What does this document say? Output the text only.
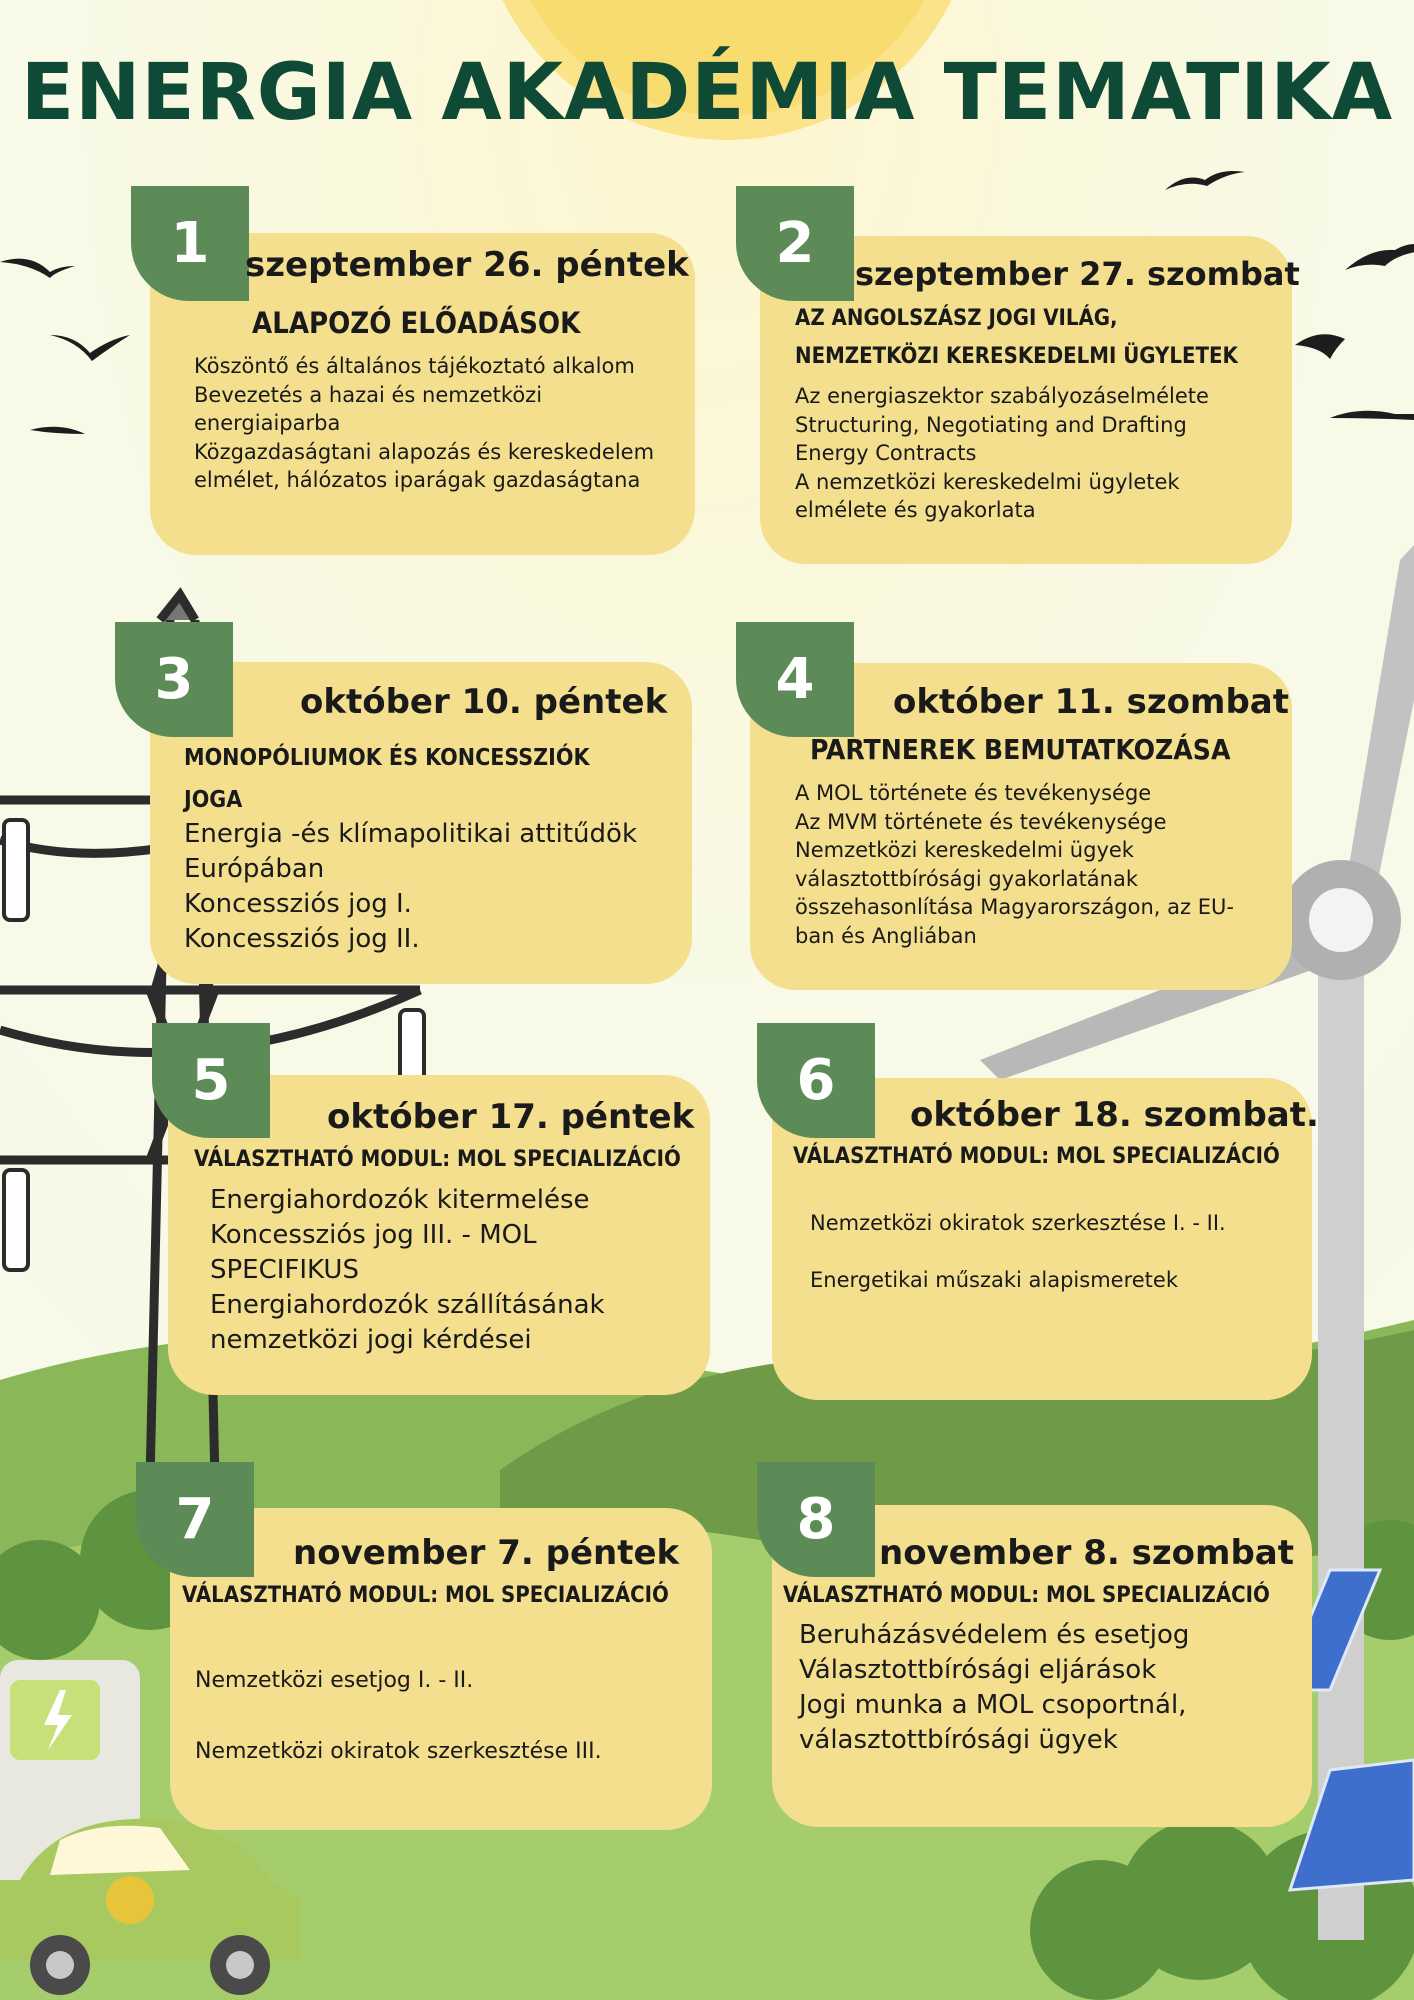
ENERGIA AKADÉMIA TEMATIKA
1	szeptember 26. péntek
ALAPOZÓ ELŐADÁSOK
Köszöntő és általános tájékoztató alkalom
Bevezetés a hazai és nemzetközi energiaiparba
Közgazdaságtani alapozás és kereskedelem elmélet, hálózatos iparágak gazdaságtana
2	szeptember 27. szombat
AZ ANGOLSZÁSZ JOGI VILÁG,
NEMZETKÖZI KERESKEDELMI ÜGYLETEK
Az energiaszektor szabályozáselmélete
Structuring, Negotiating and Drafting Energy Contracts
A nemzetközi kereskedelmi ügyletek elmélete és gyakorlata
3	október 10. péntek
MONOPÓLIUMOK ÉS KONCESSZIÓK
JOGA
Energia -és klímapolitikai attitűdök Európában
Koncessziós jog I.
Koncessziós jog II.
4	október 11. szombat
PARTNEREK BEMUTATKOZÁSA
A MOL története és tevékenysége
Az MVM története és tevékenysége
Nemzetközi kereskedelmi ügyek választottbírósági gyakorlatának összehasonlítása Magyarországon, az EU-ban és Angliában
5
október 17. péntek
VÁLASZTHATÓ MODUL: MOL SPECIALIZÁCIÓ
Energiahordozók kitermelése
Koncessziós jog III. - MOL SPECIFIKUS
Energiahordozók szállításának nemzetközi jogi kérdései
6
október 18. szombat.
VÁLASZTHATÓ MODUL: MOL SPECIALIZÁCIÓ
Nemzetközi okiratok szerkesztése I. - II.
Energetikai műszaki alapismeretek
7
november 7. péntek
VÁLASZTHATÓ MODUL: MOL SPECIALIZÁCIÓ
Nemzetközi esetjog I. - II.
Nemzetközi okiratok szerkesztése III.
8
november 8. szombat
VÁLASZTHATÓ MODUL: MOL SPECIALIZÁCIÓ
Beruházásvédelem és esetjog
Választottbírósági eljárások
Jogi munka a MOL csoportnál, választottbírósági ügyek
